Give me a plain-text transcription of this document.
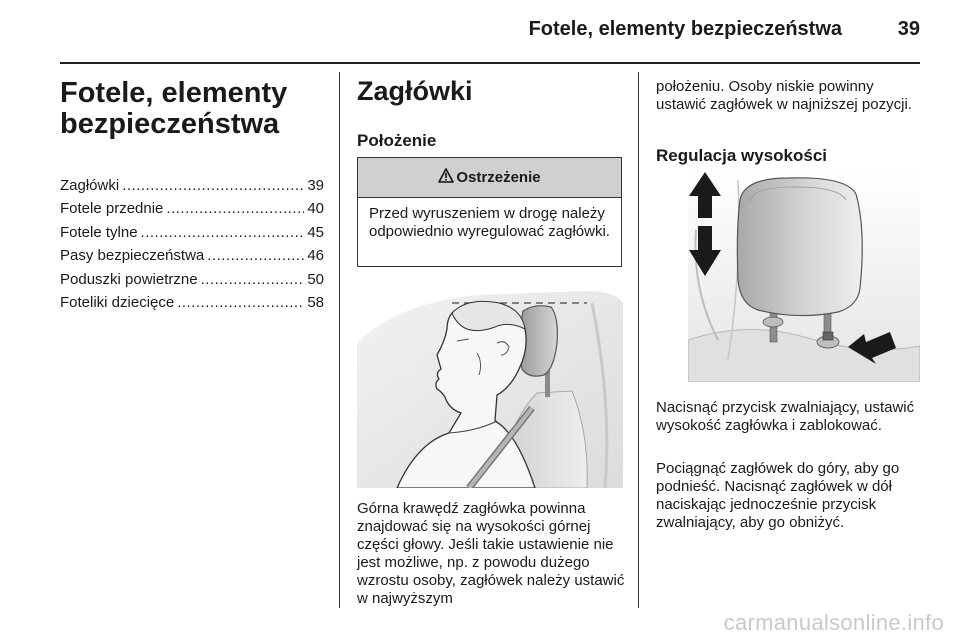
Fotele, elementy bezpieczeństwa	39
Fotele, elementy
bezpieczeństwa
Zagłówki .....	39
Fotele przednie .....	40
Fotele tylne .....	45
Pasy bezpieczeństwa .....	46
Poduszki powietrzne .....	50
Foteliki dziecięce .....	58
Zagłówki
Położenie
Ostrzeżenie
Przed wyruszeniem w drogę należy odpowiednio wyregulować zagłówki.
Górna krawędź zagłówka powinna znajdować się na wysokości górnej części głowy. Jeśli takie ustawienie nie jest możliwe, np. z powodu dużego wzrostu osoby, zagłówek należy ustawić w najwyższym
położeniu. Osoby niskie powinny ustawić zagłówek w najniższej pozycji.
Regulacja wysokości
Nacisnąć przycisk zwalniający, ustawić wysokość zagłówka i zablokować.
Pociągnąć zagłówek do góry, aby go podnieść. Nacisnąć zagłówek w dół naciskając jednocześnie przycisk zwalniający, aby go obniżyć.
carmanualsonline.info
